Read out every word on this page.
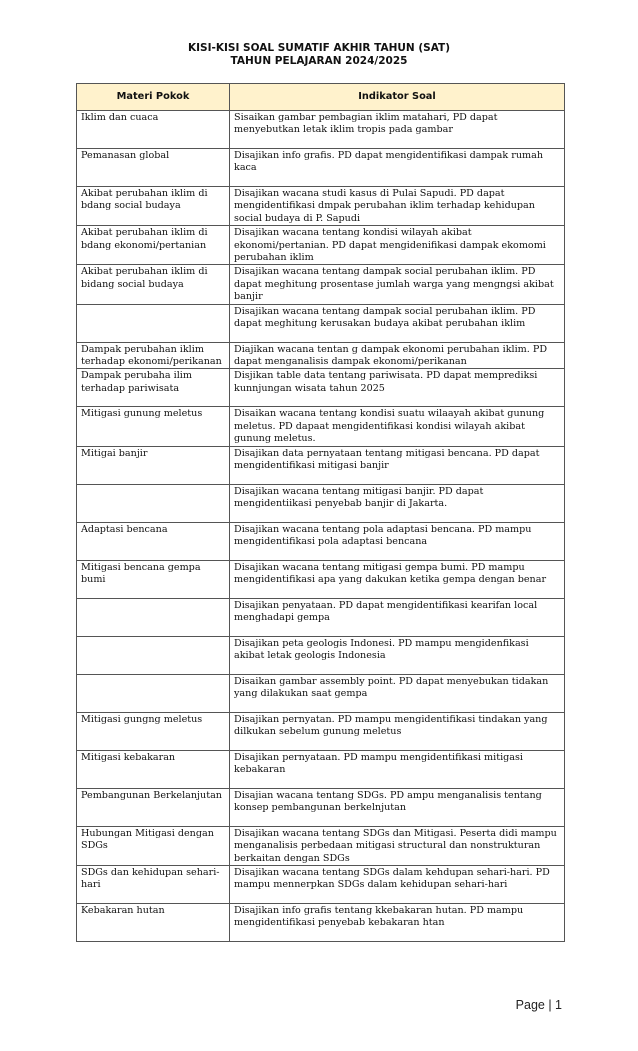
KISI-KISI SOAL SUMATIF AKHIR TAHUN (SAT)
TAHUN PELAJARAN 2024/2025
Materi Pokok	Indikator Soal
Iklim dan cuaca	Sisaikan gambar pembagian iklim matahari, PD dapat menyebutkan letak iklim tropis pada gambar
Pemanasan global	Disajikan info grafis. PD dapat mengidentifikasi dampak rumah kaca
Akibat perubahan iklim di bdang social budaya	Disajikan wacana studi kasus di Pulai Sapudi. PD dapat mengidentifikasi dmpak perubahan iklim terhadap kehidupan social budaya di P. Sapudi
Akibat perubahan iklim di bdang ekonomi/pertanian	Disajikan wacana tentang kondisi wilayah akibat ekonomi/pertanian. PD dapat mengidenifikasi dampak ekomomi perubahan iklim
Akibat perubahan iklim di bidang social budaya	Disajikan wacana tentang dampak social perubahan iklim. PD dapat meghitung prosentase jumlah warga yang mengngsi akibat banjir
	Disajikan wacana tentang dampak social perubahan iklim. PD dapat meghitung kerusakan budaya akibat perubahan iklim
Dampak perubahan iklim terhadap ekonomi/perikanan	Diajikan wacana tentan g dampak ekonomi perubahan iklim. PD dapat menganalisis dampak ekonomi/perikanan
Dampak perubaha ilim terhadap pariwisata	Disjikan table data tentang pariwisata. PD dapat memprediksi kunnjungan wisata tahun 2025
Mitigasi gunung meletus	Disaikan wacana tentang kondisi suatu wilaayah akibat gunung meletus. PD dapaat mengidentifikasi kondisi wilayah akibat gunung meletus.
Mitigai banjir	Disajikan data pernyataan tentang mitigasi bencana. PD dapat mengidentifikasi mitigasi banjir
	Disajikan wacana tentang mitigasi banjir. PD dapat mengidentiikasi penyebab banjir di Jakarta.
Adaptasi bencana	Disajikan wacana tentang pola adaptasi bencana. PD mampu mengidentifikasi pola adaptasi bencana
Mitigasi bencana gempa bumi	Disajikan wacana tentang mitigasi gempa bumi. PD mampu mengidentifikasi apa yang dakukan ketika gempa dengan benar
	Disajikan penyataan. PD dapat mengidentifikasi kearifan local menghadapi gempa
	Disajikan peta geologis Indonesi. PD mampu mengidenfikasi akibat letak geologis Indonesia
	Disaikan gambar assembly point. PD dapat menyebukan tidakan yang dilakukan saat gempa
Mitigasi gungng meletus	Disajikan pernyatan. PD mampu mengidentifikasi tindakan yang dilkukan sebelum gunung meletus
Mitigasi kebakaran	Disajikan pernyataan. PD mampu mengidentifikasi mitigasi kebakaran
Pembangunan Berkelanjutan	Disajian wacana tentang SDGs. PD ampu menganalisis tentang konsep pembangunan berkelnjutan
Hubungan Mitigasi dengan SDGs	Disajikan wacana tentang SDGs dan Mitigasi. Peserta didi mampu menganalisis perbedaan mitigasi structural dan nonstrukturan berkaitan dengan SDGs
SDGs dan kehidupan sehari-hari	Disajikan wacana tentang SDGs dalam kehdupan sehari-hari. PD mampu mennerpkan SDGs dalam kehidupan sehari-hari
Kebakaran hutan	Disajikan info grafis tentang kkebakaran hutan. PD mampu mengidentifikasi penyebab kebakaran htan
Page | 1
